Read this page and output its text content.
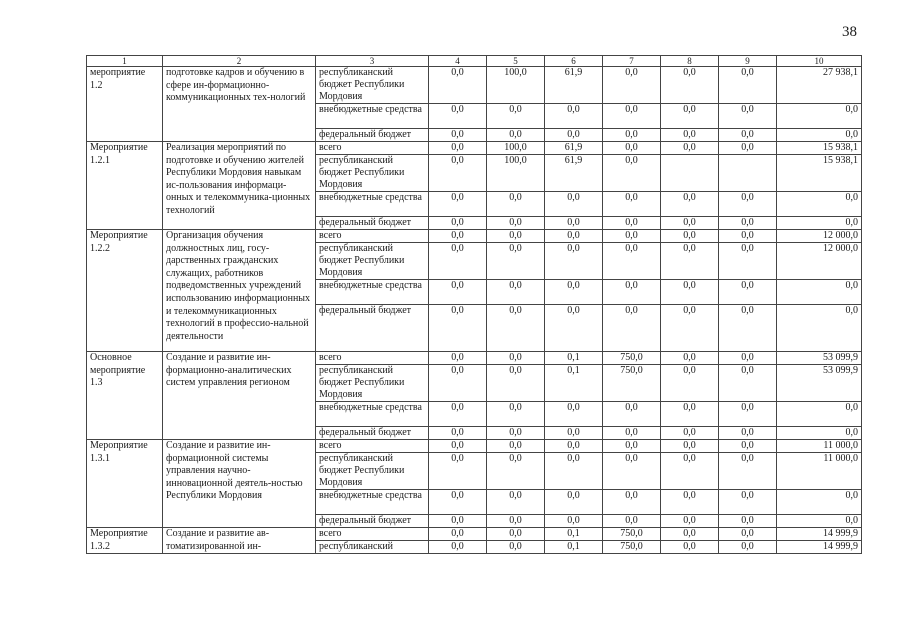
38
1	2	3	4	5	6	7	8	9	10
мероприятие 1.2	подготовке кадров и обучению в сфере ин-формационно-коммуникационных тех-нологий	республиканский бюджет Республики Мордовия	0,0	100,0	61,9	0,0	0,0	0,0	27 938,1
		внебюджетные средства	0,0	0,0	0,0	0,0	0,0	0,0	0,0
		федеральный бюджет	0,0	0,0	0,0	0,0	0,0	0,0	0,0
Мероприятие 1.2.1	Реализация мероприятий по подготовке и обучению жителей Республики Мордовия навыкам ис-пользования информаци-онных и телекоммуника-ционных технологий	всего	0,0	100,0	61,9	0,0	0,0	0,0	15 938,1
		республиканский бюджет Республики Мордовия	0,0	100,0	61,9	0,0			15 938,1
		внебюджетные средства	0,0	0,0	0,0	0,0	0,0	0,0	0,0
		федеральный бюджет	0,0	0,0	0,0	0,0	0,0	0,0	0,0
Мероприятие 1.2.2	Организация обучения должностных лиц, госу-дарственных гражданских служащих, работников подведомственных учреждений использованию информационных и телекоммуникационных технологий в профессио-нальной деятельности	всего	0,0	0,0	0,0	0,0	0,0	0,0	12 000,0
		республиканский бюджет Республики Мордовия	0,0	0,0	0,0	0,0	0,0	0,0	12 000,0
		внебюджетные средства	0,0	0,0	0,0	0,0	0,0	0,0	0,0
		федеральный бюджет	0,0	0,0	0,0	0,0	0,0	0,0	0,0
Основное мероприятие 1.3	Создание и развитие ин-формационно-аналитических систем управления регионом	всего	0,0	0,0	0,1	750,0	0,0	0,0	53 099,9
		республиканский бюджет Республики Мордовия	0,0	0,0	0,1	750,0	0,0	0,0	53 099,9
		внебюджетные средства	0,0	0,0	0,0	0,0	0,0	0,0	0,0
		федеральный бюджет	0,0	0,0	0,0	0,0	0,0	0,0	0,0
Мероприятие 1.3.1	Создание и развитие ин-формационной системы управления научно-инновационной деятель-ностью Республики Мордовия	всего	0,0	0,0	0,0	0,0	0,0	0,0	11 000,0
		республиканский бюджет Республики Мордовия	0,0	0,0	0,0	0,0	0,0	0,0	11 000,0
		внебюджетные средства	0,0	0,0	0,0	0,0	0,0	0,0	0,0
		федеральный бюджет	0,0	0,0	0,0	0,0	0,0	0,0	0,0
Мероприятие 1.3.2	Создание и развитие ав-томатизированной ин-	всего	0,0	0,0	0,1	750,0	0,0	0,0	14 999,9
		республиканский	0,0	0,0	0,1	750,0	0,0	0,0	14 999,9
